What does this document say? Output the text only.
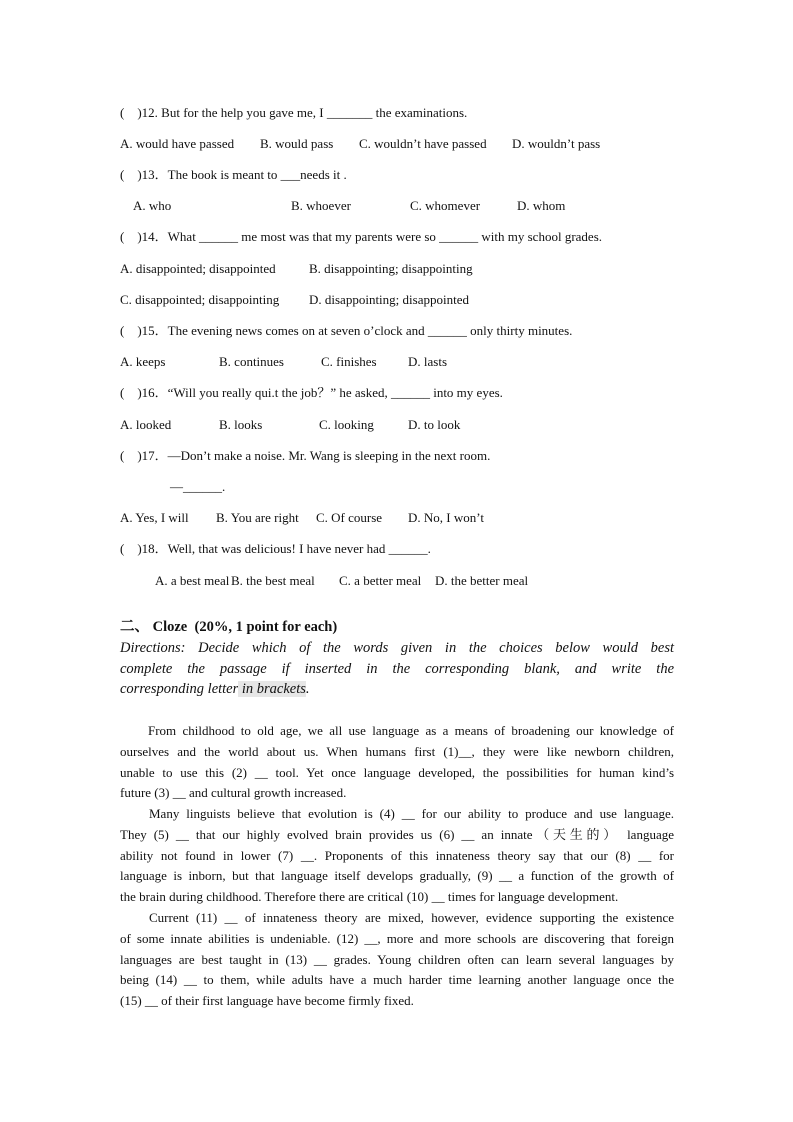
(    )12. But for the help you gave me, I _______ the examinations.
A. would have passed B. would pass C. wouldn’t have passed D. wouldn’t pass
(    )13．The book is meant to ___needs it .
A. who	B. whoever	C. whomever	D. whom
(    )14．What ______ me most was that my parents were so ______ with my school grades.
A. disappointed; disappointed	B. disappointing; disappointing
C. disappointed; disappointing D. disappointing; disappointed
(    )15．The evening news comes on at seven o’clock and ______ only thirty minutes.
A. keeps	B. continues	C. finishes D. lasts
(    )16．“Will you really qui.t the job？” he asked, ______ into my eyes.
A. looked	B. looks	C. looking	D. to look
(    )17．—Don’t make a noise. Mr. Wang is sleeping in the next room.
—______.
A. Yes, I will B. You are right C. Of course D. No, I won’t
(    )18．Well, that was delicious! I have never had ______.
A. a best meal B. the best meal C. a better meal D. the better meal
二、 Cloze  (20%, 1 point for each)
Directions: Decide which of the words given in the choices below would best
complete the passage if inserted in the corresponding blank, and write the
corresponding letter in brackets.
From childhood to old age, we all use language as a means of broadening our knowledge of
ourselves and the world about us. When humans first (1)__, they were like newborn children,
unable to use this (2) __ tool. Yet once language developed, the possibilities for human kind’s
future (3) __ and cultural growth increased.
Many linguists believe that evolution is (4) __ for our ability to produce and use language.
They (5) __ that our highly evolved brain provides us (6) __ an innate（天生的） language
ability not found in lower (7) __. Proponents of this innateness theory say that our (8) __ for
language is inborn, but that language itself develops gradually, (9) __ a function of the growth of
the brain during childhood. Therefore there are critical (10) __ times for language development.
Current (11) __ of innateness theory are mixed, however, evidence supporting the existence
of some innate abilities is undeniable. (12) __, more and more schools are discovering that foreign
languages are best taught in (13) __ grades. Young children often can learn several languages by
being (14) __ to them, while adults have a much harder time learning another language once the
(15) __ of their first language have become firmly fixed.
